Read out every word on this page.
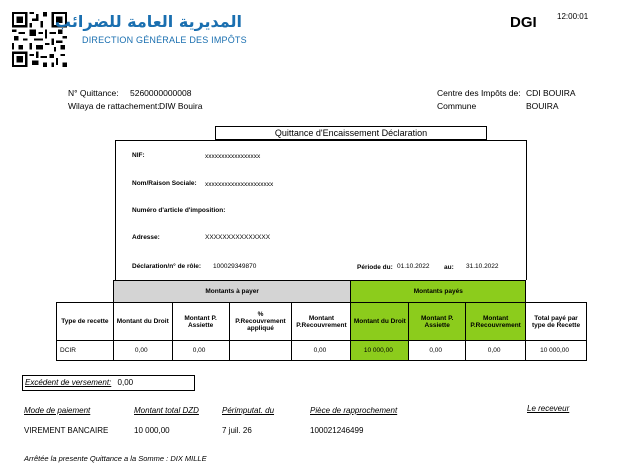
المديرية العامة للضرائب
DIRECTION GÉNÉRALE DES IMPÔTS
DGI	12:00:01
N° Quittance: 5260000000008
Wilaya de rattachement: DIW Bouira
Centre des Impôts de: CDI BOUIRA
Commune	BOUIRA
Quittance d'Encaissement Déclaration
NIF:	xxxxxxxxxxxxxxxxx
Nom/Raison Sociale: xxxxxxxxxxxxxxxxxxxxx
Numéro d'article d'imposition:
Adresse:	XXXXXXXXXXXXXXX
Déclaration/n° de rôle: 100029349870	Période du: 01.10.2022 au: 31.10.2022
	Montants à payer				Montants payés			
Type de recette	Montant du Droit	Montant P. Assiette	% P.Recouvrement appliqué	Montant P.Recouvrement	Montant du Droit	Montant P. Assiette	Montant P.Recouvrement	Total payé par type de Recette
DCIR	0,00	0,00		0,00	10 000,00	0,00	0,00	10 000,00
Excédent de versement: 0,00
Mode de paiement
VIREMENT BANCAIRE
Montant total DZD
10 000,00
Périmputat. du
7 juil. 26
Pièce de rapprochement
100021246499
Le receveur
Arrêtée la presente Quittance a la Somme : DIX MILLE
